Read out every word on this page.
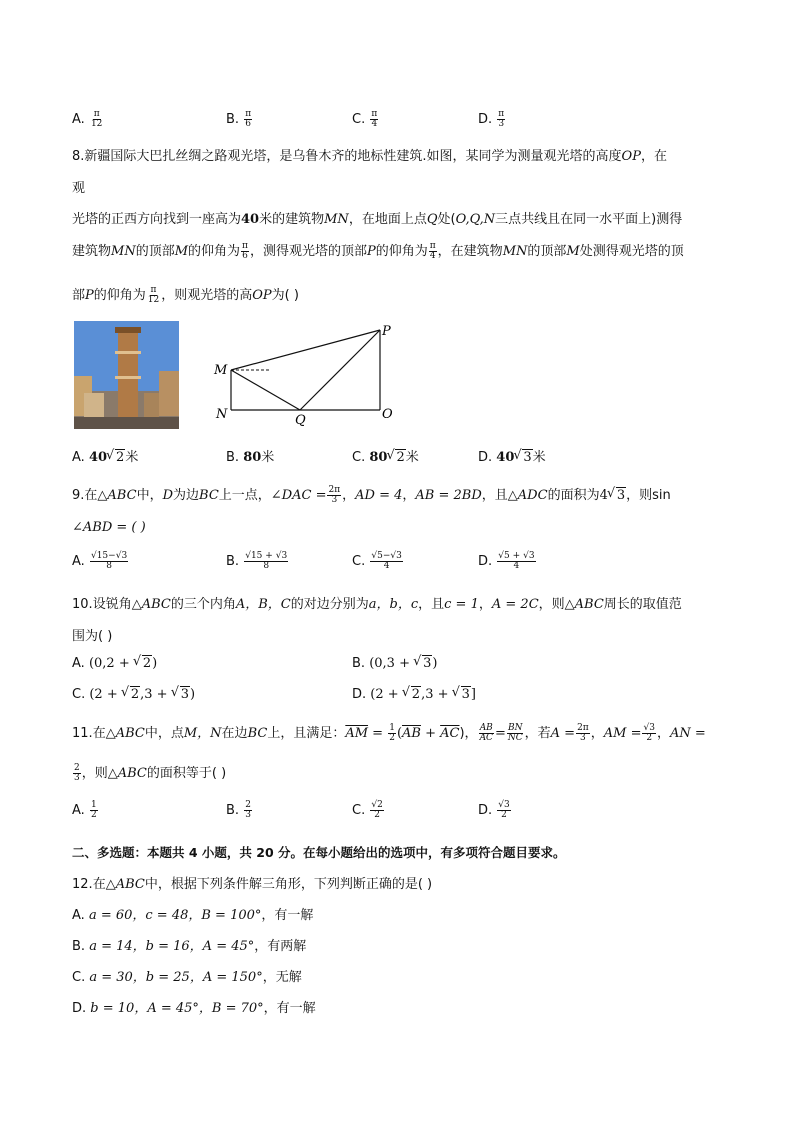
A. $\frac{\pi}{12}$	B. $\frac{\pi}{6}$	C. $\frac{\pi}{4}$	D. $\frac{\pi}{3}$
8.新疆国际大巴扎丝绸之路观光塔，是乌鲁木齐的地标性建筑.如图，某同学为测量观光塔的高度OP，在
观
光塔的正西方向找到一座高为40米的建筑物MN，在地面上点Q处(O,Q,N三点共线且在同一水平面上)测得
建筑物MN的顶部M的仰角为 $\frac{\pi}{6}$ ，测得观光塔的顶部P的仰角为 $\frac{\pi}{4}$ ，在建筑物MN的顶部M处测得观光塔的顶
部P的仰角为 $\frac{\pi}{12}$ ，则观光塔的高OP为( )
M
N	Q	O
P
A. 40 √ 2米	B. 80米	C. 80 √ 2米	D. 40 √ 3米
9.在△ABC中，D为边BC上一点，∠DAC = $\frac{2\pi}{3}$ ，AD = 4，AB = 2BD，且△ADC的面积为4 √ 3，则sin
∠ABD = ( )
A. $\frac{√15-√3}{8}$	B. $\frac{√15 + √3}{8}$	C. $\frac{√5-√3}{4}$	D. $\frac{√5 + √3}{4}$
10.设锐角△ABC的三个内角A，B，C的对边分别为a，b，c，且c = 1，A = 2C，则△ABC周长的取值范
围为( )
A. (0,2 + √ 2)	B. (0,3 + √ 3)
C. (2 + √ 2,3 + √ 3)	D. (2 + √ 2,3 + √ 3]
11.在△ABC中，点M，N在边BC上，且满足：$\overline{AM} = \frac{1}{2} (\overline{AB} + \overline{AC})$， $\frac{AB}{AC} = \frac{BN}{NC}$ ，若$A = \frac{2\pi}{3}$ ，AM = $\frac{√3}{2}$ ，AN =
$\frac{2}{3}$ ，则△ABC的面积等于( )
A. $\frac{1}{2}$	B. $\frac{2}{3}$	C. $\frac{√2}{2}$	D. $\frac{√3}{2}$
二、多选题：本题共 4 小题，共 20 分。在每小题给出的选项中，有多项符合题目要求。
12.在△ABC中，根据下列条件解三角形，下列判断正确的是( )
A. a = 60，c = 48，B = 100°，有一解
B. a = 14，b = 16，A = 45°，有两解
C. a = 30，b = 25，A = 150°，无解
D. b = 10，A = 45°，B = 70°，有一解
